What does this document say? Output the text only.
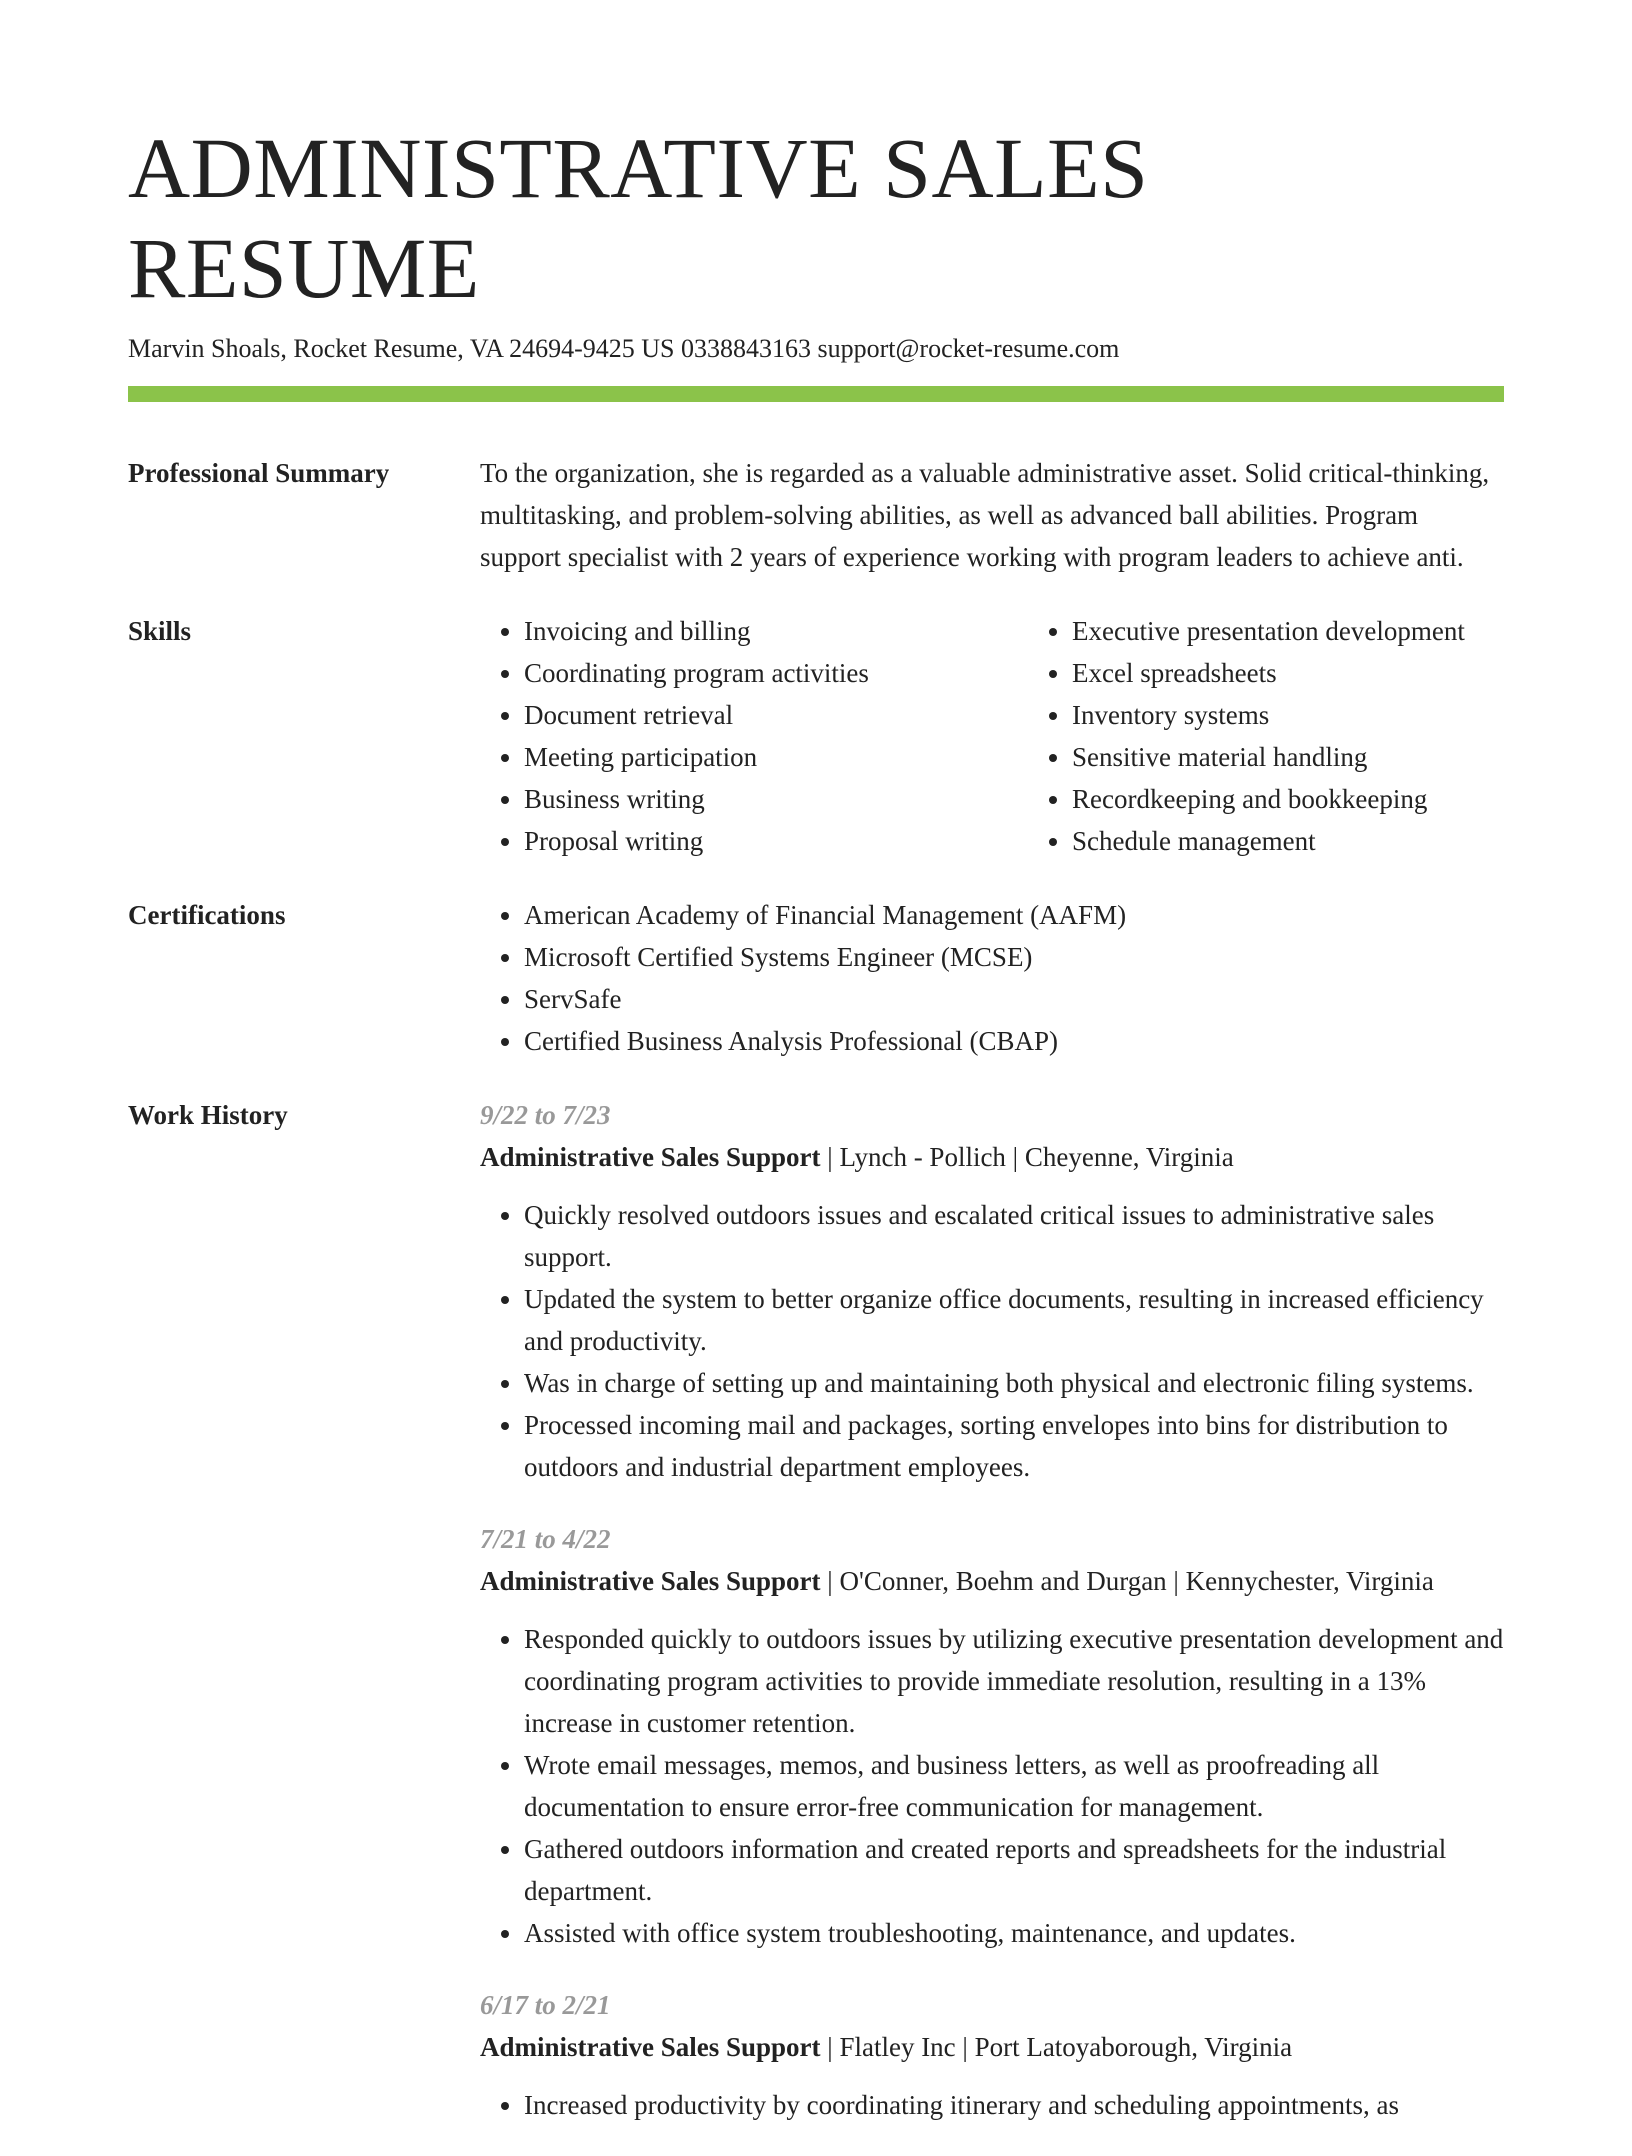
ADMINISTRATIVE SALES RESUME
Marvin Shoals, Rocket Resume, VA 24694-9425 US 0338843163 support@rocket-resume.com
Professional Summary	To the organization, she is regarded as a valuable administrative asset. Solid critical-thinking, multitasking, and problem-solving abilities, as well as advanced ball abilities. Program support specialist with 2 years of experience working with program leaders to achieve anti.
Skills	• Invoicing and billing
• Coordinating program activities
• Document retrieval
• Meeting participation
• Business writing
• Proposal writing
• Executive presentation development
• Excel spreadsheets
• Inventory systems
• Sensitive material handling
• Recordkeeping and bookkeeping
• Schedule management
Certifications	• American Academy of Financial Management (AAFM)
• Microsoft Certified Systems Engineer (MCSE)
• ServSafe
• Certified Business Analysis Professional (CBAP)
Work History	9/22 to 7/23
Administrative Sales Support | Lynch - Pollich | Cheyenne, Virginia
• Quickly resolved outdoors issues and escalated critical issues to administrative sales support.
• Updated the system to better organize office documents, resulting in increased efficiency and productivity.
• Was in charge of setting up and maintaining both physical and electronic filing systems.
• Processed incoming mail and packages, sorting envelopes into bins for distribution to outdoors and industrial department employees.
7/21 to 4/22
Administrative Sales Support | O'Conner, Boehm and Durgan | Kennychester, Virginia
• Responded quickly to outdoors issues by utilizing executive presentation development and coordinating program activities to provide immediate resolution, resulting in a 13% increase in customer retention.
• Wrote email messages, memos, and business letters, as well as proofreading all documentation to ensure error-free communication for management.
• Gathered outdoors information and created reports and spreadsheets for the industrial department.
• Assisted with office system troubleshooting, maintenance, and updates.
6/17 to 2/21
Administrative Sales Support | Flatley Inc | Port Latoyaborough, Virginia
• Increased productivity by coordinating itinerary and scheduling appointments, as
